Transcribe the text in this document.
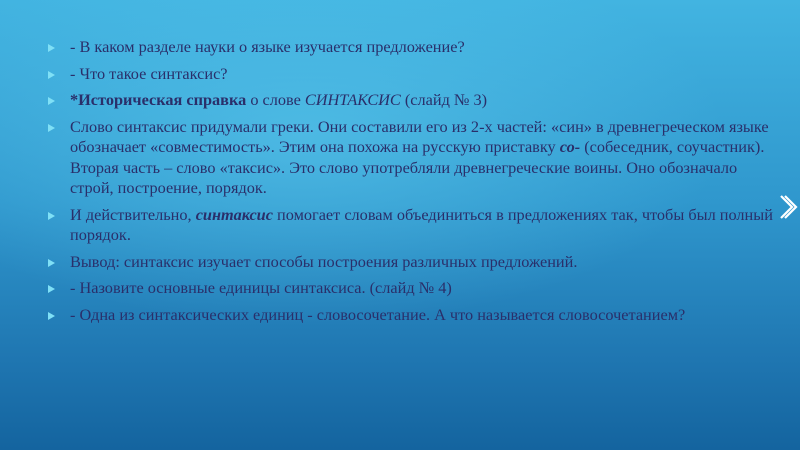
- В каком разделе науки о языке изучается предложение?
- Что такое синтаксис?
*Историческая справка о слове СИНТАКСИС (слайд № 3)
Слово синтаксис придумали греки. Они составили его из 2-х частей: «син» в древнегреческом языке обозначает «совместимость». Этим она похожа на русскую приставку со- (собеседник, соучастник). Вторая часть – слово «таксис». Это слово употребляли древнегреческие воины. Оно обозначало строй, построение, порядок.
И действительно, синтаксис помогает словам объединиться в предложениях так, чтобы был полный порядок.
Вывод: синтаксис изучает способы построения различных предложений.
- Назовите основные единицы синтаксиса. (слайд № 4)
- Одна из синтаксических единиц - словосочетание. А что называется словосочетанием?
